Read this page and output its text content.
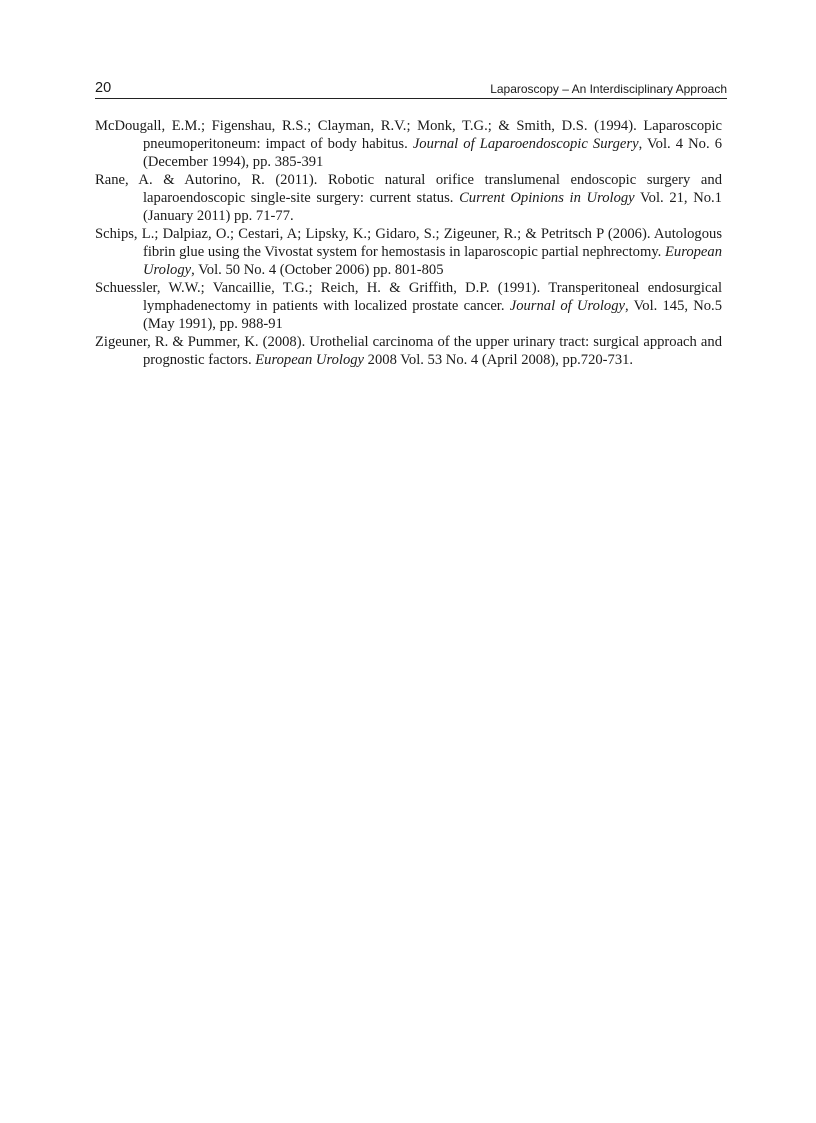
20	Laparoscopy – An Interdisciplinary Approach

McDougall, E.M.; Figenshau, R.S.; Clayman, R.V.; Monk, T.G.; & Smith, D.S. (1994). Laparoscopic pneumoperitoneum: impact of body habitus. Journal of Laparoendoscopic Surgery, Vol. 4 No. 6 (December 1994), pp. 385-391

Rane, A. & Autorino, R. (2011). Robotic natural orifice translumenal endoscopic surgery and laparoendoscopic single-site surgery: current status. Current Opinions in Urology Vol. 21, No.1 (January 2011) pp. 71-77.

Schips, L.; Dalpiaz, O.; Cestari, A; Lipsky, K.; Gidaro, S.; Zigeuner, R.; & Petritsch P (2006). Autologous fibrin glue using the Vivostat system for hemostasis in laparoscopic partial nephrectomy. European Urology, Vol. 50 No. 4 (October 2006) pp. 801-805

Schuessler, W.W.; Vancaillie, T.G.; Reich, H. & Griffith, D.P. (1991). Transperitoneal endosurgical lymphadenectomy in patients with localized prostate cancer. Journal of Urology, Vol. 145, No.5 (May 1991), pp. 988-91

Zigeuner, R. & Pummer, K. (2008). Urothelial carcinoma of the upper urinary tract: surgical approach and prognostic factors. European Urology 2008 Vol. 53 No. 4 (April 2008), pp.720-731.
